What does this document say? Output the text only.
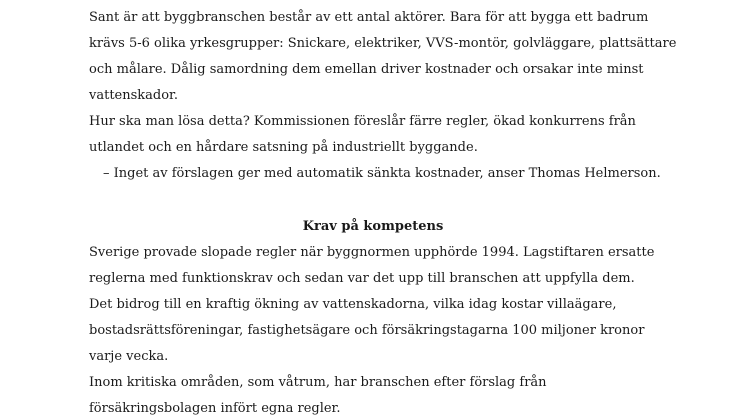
Sant är att byggbranschen består av ett antal aktörer. Bara för att bygga ett badrum
krävs 5-6 olika yrkesgrupper: Snickare, elektriker, VVS-montör, golvläggare, plattsättare
och målare. Dålig samordning dem emellan driver kostnader och orsakar inte minst
vattenskador.
Hur ska man lösa detta? Kommissionen föreslår färre regler, ökad konkurrens från
utlandet och en hårdare satsning på industriellt byggande.
– Inget av förslagen ger med automatik sänkta kostnader, anser Thomas Helmerson.
Krav på kompetens
Sverige provade slopade regler när byggnormen upphörde 1994. Lagstiftaren ersatte
reglerna med funktionskrav och sedan var det upp till branschen att uppfylla dem.
Det bidrog till en kraftig ökning av vattenskadorna, vilka idag kostar villaägare,
bostadsrättsföreningar, fastighetsägare och försäkringstagarna 100 miljoner kronor
varje vecka.
Inom kritiska områden, som våtrum, har branschen efter förslag från
försäkringsbolagen infört egna regler.
